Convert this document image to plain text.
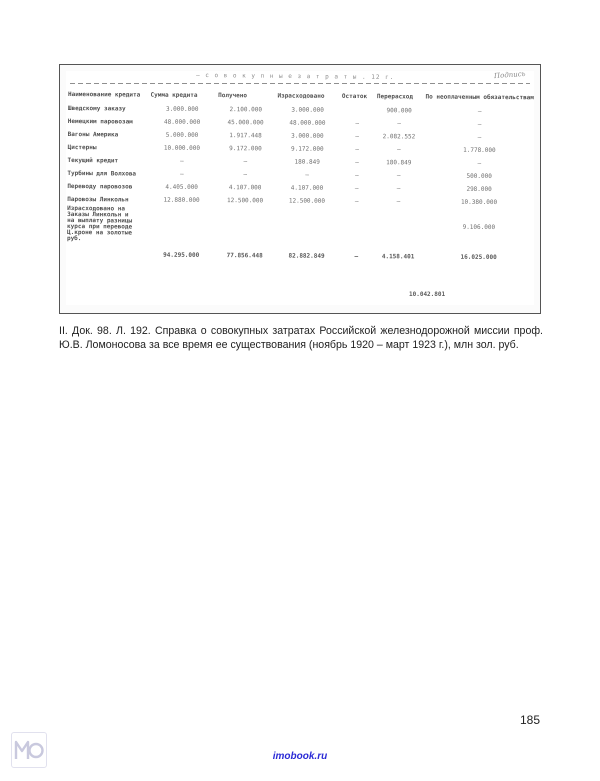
— с о в о к у п н ы е з а т р а т ы . 12 г.	Подпись
Наименование кредита	Сумма кредита	Получено	Израсходовано	Остаток	Перерасход	По неоплаченным обязательствам
Шведскому заказу	3.000.000	2.100.000	3.000.000		900.000	–
Немецким паровозам	48.000.000	45.000.000	48.000.000	–	–	–
Вагоны Америка	5.000.000	1.917.448	3.000.000	–	2.082.552	–
Цистерны	10.000.000	9.172.000	9.172.000	–	–	1.778.000
Текущий кредит	–	–	180.849	–	180.849	–
Турбины для Волхова	–	–	–	–	–	500.000
Переводу паровозов	4.405.000	4.107.000	4.107.000	–	–	298.000
Паровозы Линкольн	12.880.000	12.500.000	12.500.000	–	–	10.380.000
Израсходовано на
Заказы Линкольн и
на выплату разницы
курса при переводе
Ц.кроне на золотые руб.						9.106.000
	94.295.000	77.856.448	82.882.849	–	4.158.401	16.025.000
10.042.801

II. Док. 98. Л. 192. Справка о совокупных затратах Российской железнодорожной миссии проф. Ю.В. Ломоносова за все время ее существования (ноябрь 1920 – март 1923 г.), млн зол. руб.

185
imobook.ru
